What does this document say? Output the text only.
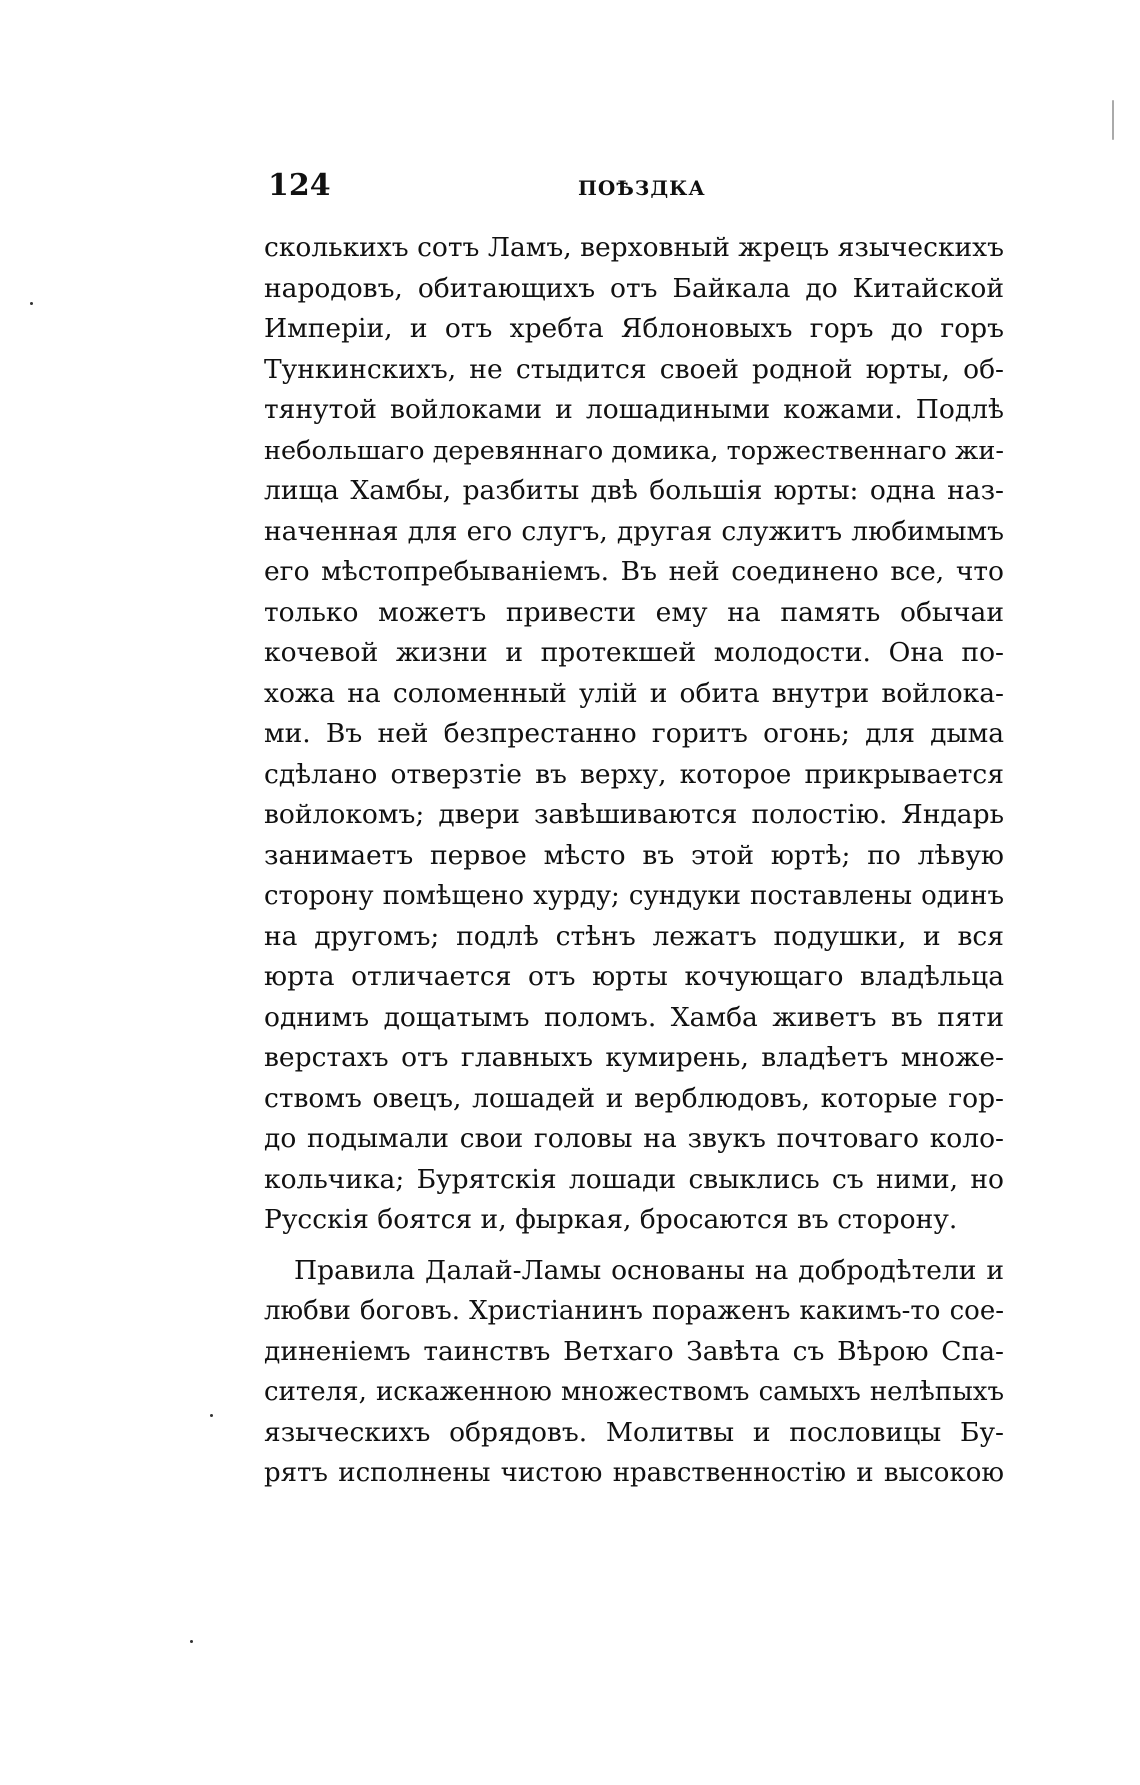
124	ПОѢЗДКА
сколькихъ сотъ Ламъ, верховный жрецъ языческихъ
народовъ, обитающихъ отъ Байкала до Китайской
Имперіи, и отъ хребта Яблоновыхъ горъ до горъ
Тункинскихъ, не стыдится своей родной юрты, об-
тянутой войлоками и лошадиными кожами. Подлѣ
небольшаго деревяннаго домика, торжественнаго жи-
лища Хамбы, разбиты двѣ большія юрты: одна наз-
наченная для его слугъ, другая служитъ любимымъ
его мѣстопребываніемъ. Въ ней соединено все, что
только можетъ привести ему на память обычаи
кочевой жизни и протекшей молодости. Она по-
хожа на соломенный улій и обита внутри войлока-
ми. Въ ней безпрестанно горитъ огонь; для дыма
сдѣлано отверзтіе въ верху, которое прикрывается
войлокомъ; двери завѣшиваются полостію. Яндарь
занимаетъ первое мѣсто въ этой юртѣ; по лѣвую
сторону помѣщено хурду; сундуки поставлены одинъ
на другомъ; подлѣ стѣнъ лежатъ подушки, и вся
юрта отличается отъ юрты кочующаго владѣльца
однимъ дощатымъ поломъ. Хамба живетъ въ пяти
верстахъ отъ главныхъ кумирень, владѣетъ множе-
ствомъ овецъ, лошадей и верблюдовъ, которые гор-
до подымали свои головы на звукъ почтоваго коло-
кольчика; Бурятскія лошади свыклись съ ними, но
Русскія боятся и, фыркая, бросаются въ сторону.
Правила Далай-Ламы основаны на добродѣтели и
любви боговъ. Христіанинъ пораженъ какимъ-то сое-
диненіемъ таинствъ Ветхаго Завѣта съ Вѣрою Спа-
сителя, искаженною множествомъ самыхъ нелѣпыхъ
языческихъ обрядовъ. Молитвы и пословицы Бу-
рятъ исполнены чистою нравственностію и высокою
